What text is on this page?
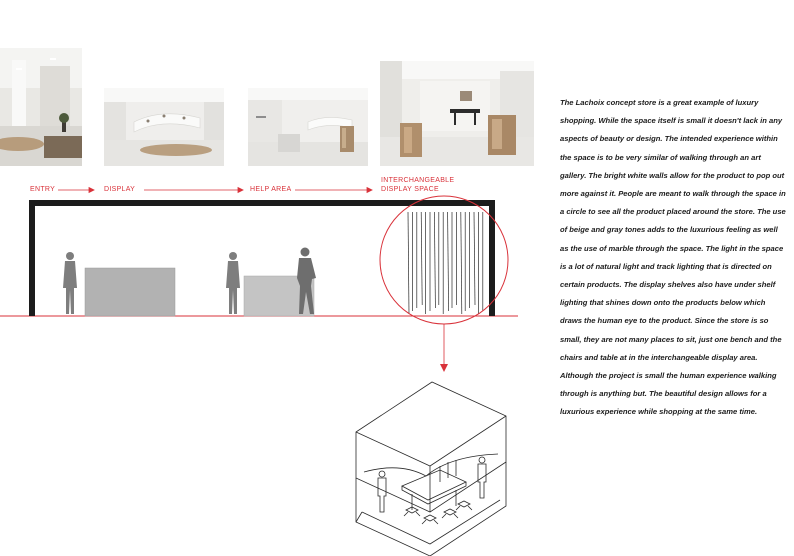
ENTRY	DISPLAY	HELP AREA
INTERCHANGEABLE
DISPLAY SPACE
The Lachoix concept store is a great example of luxury shopping. While the space itself is small it doesn't lack in any aspects of beauty or design. The intended experience within the space is to be very similar of walking through an art gallery. The bright white walls allow for the product to pop out more against it. People are meant to walk through the space in a circle to see all the product placed around the store. The use of beige and gray tones adds to the luxurious feeling as well as the use of marble through the space. The light in the space is a lot of natural light and track lighting that is directed on certain products. The display shelves also have under shelf lighting that shines down onto the products below which draws the human eye to the product. Since the store is so small, they are not many places to sit, just one bench and the chairs and table at in the interchangeable display area. Although the project is small the human experience walking through is anything but. The beautiful design allows for a luxurious experience while shopping at the same time.
